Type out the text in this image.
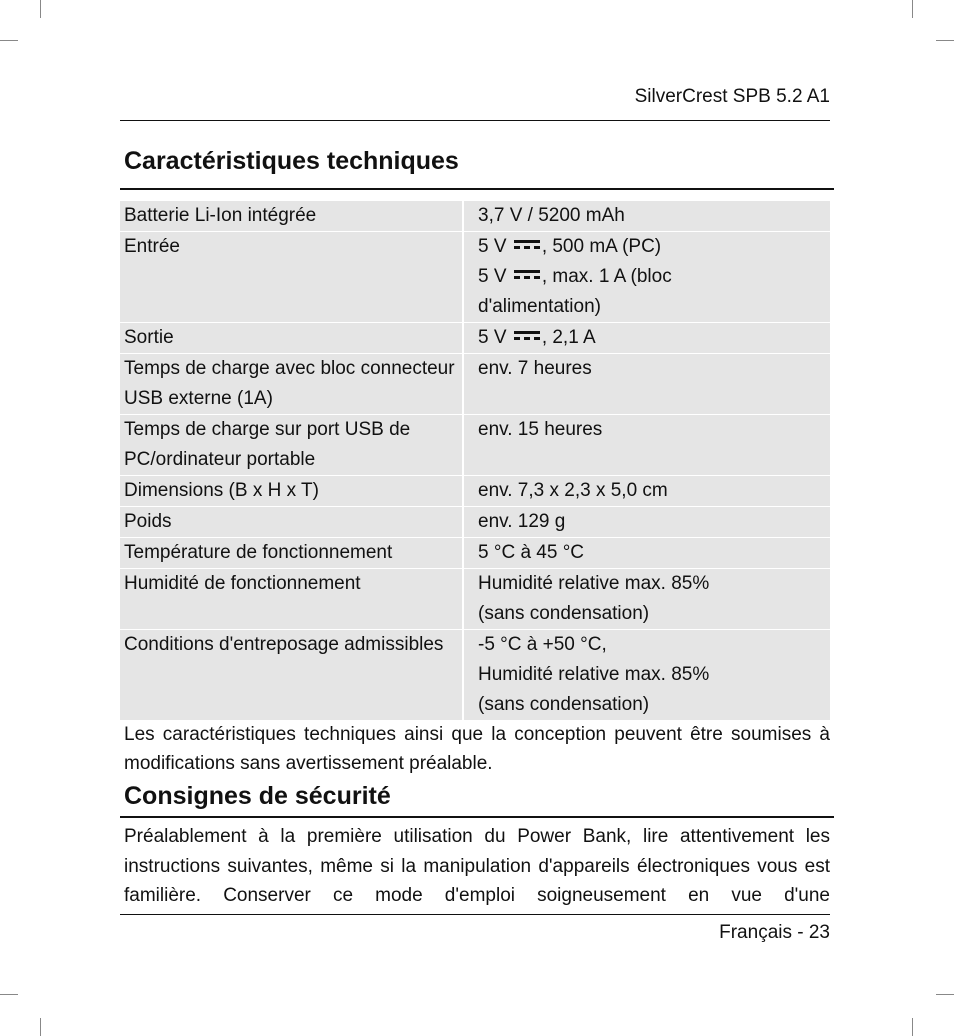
SilverCrest SPB 5.2 A1
Caractéristiques techniques
Batterie Li-Ion intégrée		3,7 V / 5200 mAh

Entrée		5 V , 500 mA (PC)
5 V , max. 1 A (bloc
d'alimentation)

Sortie		5 V , 2,1 A

Temps de charge avec bloc connecteur USB externe (1A)		env. 7 heures

Temps de charge sur port USB de PC/ordinateur portable		env. 15 heures

Dimensions (B x H x T)		env. 7,3 x 2,3 x 5,0 cm

Poids		env. 129 g

Température de fonctionnement		5 °C à 45 °C

Humidité de fonctionnement		Humidité relative max. 85%
(sans condensation)

Conditions d'entreposage admissibles		-5 °C à +50 °C,
Humidité relative max. 85%
(sans condensation)
Les caractéristiques techniques ainsi que la conception peuvent être soumises à modifications sans avertissement préalable.
Consignes de sécurité
Préalablement à la première utilisation du Power Bank, lire attentivement les instructions suivantes, même si la manipulation d'appareils électroniques vous est familière. Conserver ce mode d'emploi soigneusement en vue d'une
Français - 23
